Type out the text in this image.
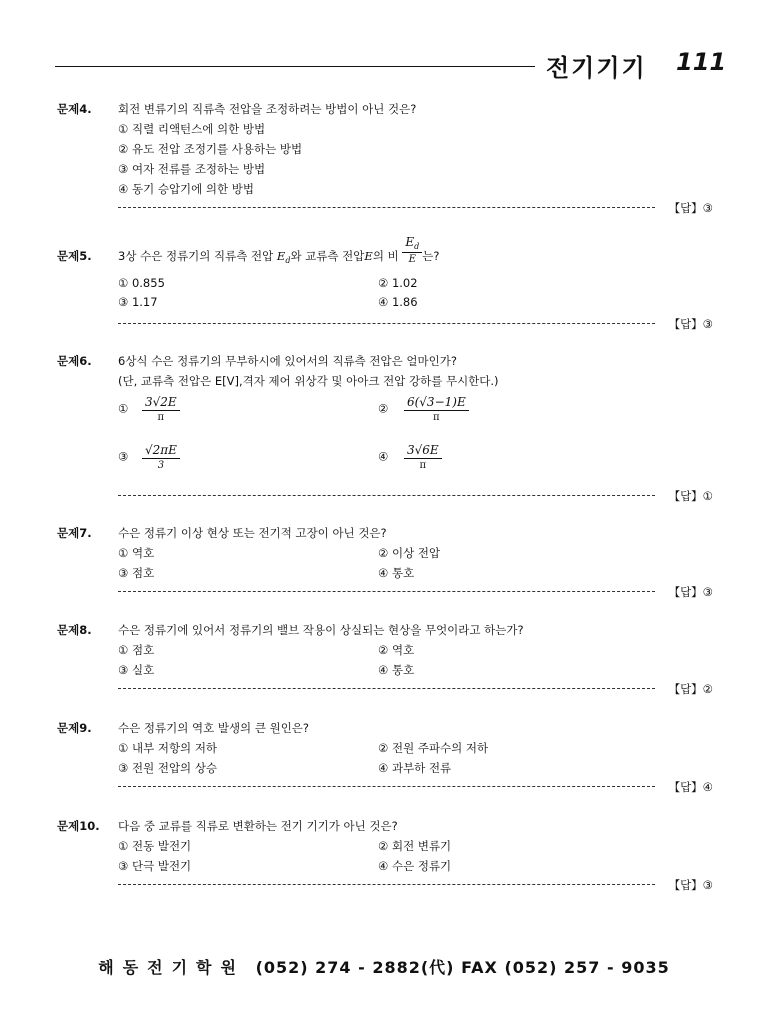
전기기기 111
문제4. 회전 변류기의 직류측 전압을 조정하려는 방법이 아닌 것은?
① 직렬 리액턴스에 의한 방법
② 유도 전압 조정기를 사용하는 방법
③ 여자 전류를 조정하는 방법
④ 동기 승압기에 의한 방법
【답】③
문제5. 3상 수은 정류기의 직류측 전압 $E_d$와 교류측 전압E의 비 $\frac{E_d}{E}$ 는?
① 0.855	② 1.02
③ 1.17	④ 1.86
【답】③
문제6. 6상식 수은 정류기의 무부하시에 있어서의 직류측 전압은 얼마인가?
(단, 교류측 전압은 E[V],격자 제어 위상각 및 아아크 전압 강하를 무시한다.)
① $\frac{3√2E}{\pi}$	② $\frac{6(√3-1)E}{\pi}$
③ $\frac{√2\pi E}{3}$	④ $\frac{3√6E}{\pi}$
【답】①
문제7. 수은 정류기 이상 현상 또는 전기적 고장이 아닌 것은?
① 역호	② 이상 전압
③ 점호	④ 통호
【답】③
문제8. 수은 정류기에 있어서 정류기의 밸브 작용이 상실되는 현상을 무엇이라고 하는가?
① 점호	② 역호
③ 실호	④ 통호
【답】②
문제9. 수은 정류기의 역호 발생의 큰 원인은?
① 내부 저항의 저하	② 전원 주파수의 저하
③ 전원 전압의 상승	④ 과부하 전류
【답】④
문제10. 다음 중 교류를 직류로 변환하는 전기 기기가 아닌 것은?
① 전동 발전기	② 회전 변류기
③ 단극 발전기	④ 수은 정류기
【답】③
해동전기학원 (052) 274 - 2882(代) FAX (052) 257 - 9035
